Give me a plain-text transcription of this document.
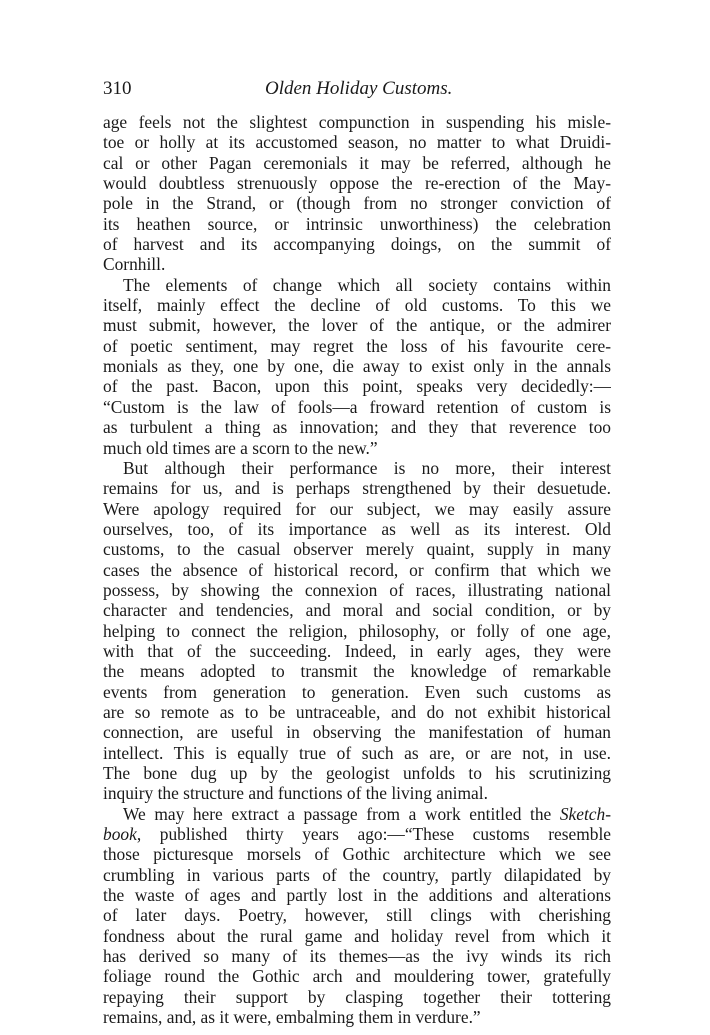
310	Olden Holiday Customs.
age feels not the slightest compunction in suspending his misle-
toe or holly at its accustomed season, no matter to what Druidi-
cal or other Pagan ceremonials it may be referred, although he
would doubtless strenuously oppose the re-erection of the May-
pole in the Strand, or (though from no stronger conviction of
its heathen source, or intrinsic unworthiness) the celebration
of harvest and its accompanying doings, on the summit of
Cornhill.
The elements of change which all society contains within
itself, mainly effect the decline of old customs. To this we
must submit, however, the lover of the antique, or the admirer
of poetic sentiment, may regret the loss of his favourite cere-
monials as they, one by one, die away to exist only in the annals
of the past. Bacon, upon this point, speaks very decidedly:—
“Custom is the law of fools—a froward retention of custom is
as turbulent a thing as innovation; and they that reverence too
much old times are a scorn to the new.”
But although their performance is no more, their interest
remains for us, and is perhaps strengthened by their desuetude.
Were apology required for our subject, we may easily assure
ourselves, too, of its importance as well as its interest. Old
customs, to the casual observer merely quaint, supply in many
cases the absence of historical record, or confirm that which we
possess, by showing the connexion of races, illustrating national
character and tendencies, and moral and social condition, or by
helping to connect the religion, philosophy, or folly of one age,
with that of the succeeding. Indeed, in early ages, they were
the means adopted to transmit the knowledge of remarkable
events from generation to generation. Even such customs as
are so remote as to be untraceable, and do not exhibit historical
connection, are useful in observing the manifestation of human
intellect. This is equally true of such as are, or are not, in use.
The bone dug up by the geologist unfolds to his scrutinizing
inquiry the structure and functions of the living animal.
We may here extract a passage from a work entitled the Sketch-
book, published thirty years ago:—“These customs resemble
those picturesque morsels of Gothic architecture which we see
crumbling in various parts of the country, partly dilapidated by
the waste of ages and partly lost in the additions and alterations
of later days. Poetry, however, still clings with cherishing
fondness about the rural game and holiday revel from which it
has derived so many of its themes—as the ivy winds its rich
foliage round the Gothic arch and mouldering tower, gratefully
repaying their support by clasping together their tottering
remains, and, as it were, embalming them in verdure.”
